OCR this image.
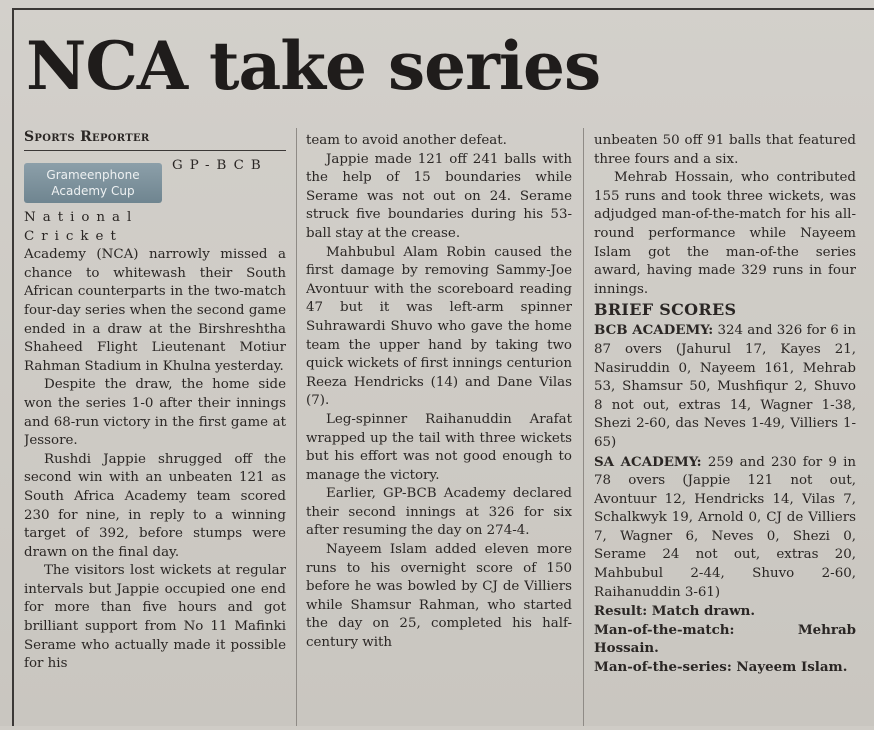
NCA take series
Sports Reporter
Grameenphone
Academy Cup
GP-BCB
National
Cricket

Academy (NCA) narrowly missed a chance to whitewash their South African counterparts in the two-match four-day series when the second game ended in a draw at the Birshreshtha Shaheed Flight Lieutenant Motiur Rahman Stadium in Khulna yesterday.

Despite the draw, the home side won the series 1-0 after their innings and 68-run victory in the first game at Jessore.

Rushdi Jappie shrugged off the second win with an unbeaten 121 as South Africa Academy team scored 230 for nine, in reply to a winning target of 392, before stumps were drawn on the final day.

The visitors lost wickets at regular intervals but Jappie occupied one end for more than five hours and got brilliant support from No 11 Mafinki Serame who actually made it possible for his

team to avoid another defeat.

Jappie made 121 off 241 balls with the help of 15 boundaries while Serame was not out on 24. Serame struck five boundaries during his 53-ball stay at the crease.

Mahbubul Alam Robin caused the first damage by removing Sammy-Joe Avontuur with the scoreboard reading 47 but it was left-arm spinner Suhrawardi Shuvo who gave the home team the upper hand by taking two quick wickets of first innings centurion Reeza Hendricks (14) and Dane Vilas (7).

Leg-spinner Raihanuddin Arafat wrapped up the tail with three wickets but his effort was not good enough to manage the victory.

Earlier, GP-BCB Academy declared their second innings at 326 for six after resuming the day on 274-4.

Nayeem Islam added eleven more runs to his overnight score of 150 before he was bowled by CJ de Villiers while Shamsur Rahman, who started the day on 25, completed his half-century with

unbeaten 50 off 91 balls that featured three fours and a six.

Mehrab Hossain, who contributed 155 runs and took three wickets, was adjudged man-of-the-match for his all-round performance while Nayeem Islam got the man-of-the series award, having made 329 runs in four innings.

BRIEF SCORES

BCB ACADEMY: 324 and 326 for 6 in 87 overs (Jahurul 17, Kayes 21, Nasiruddin 0, Nayeem 161, Mehrab 53, Shamsur 50, Mushfiqur 2, Shuvo 8 not out, extras 14, Wagner 1-38, Shezi 2-60, das Neves 1-49, Villiers 1-65)

SA ACADEMY: 259 and 230 for 9 in 78 overs (Jappie 121 not out, Avontuur 12, Hendricks 14, Vilas 7, Schalkwyk 19, Arnold 0, CJ de Villiers 7, Wagner 6, Neves 0, Shezi 0, Serame 24 not out, extras 20, Mahbubul 2-44, Shuvo 2-60, Raihanuddin 3-61)

Result: Match drawn.

Man-of-the-match: Mehrab Hossain.

Man-of-the-series: Nayeem Islam.
